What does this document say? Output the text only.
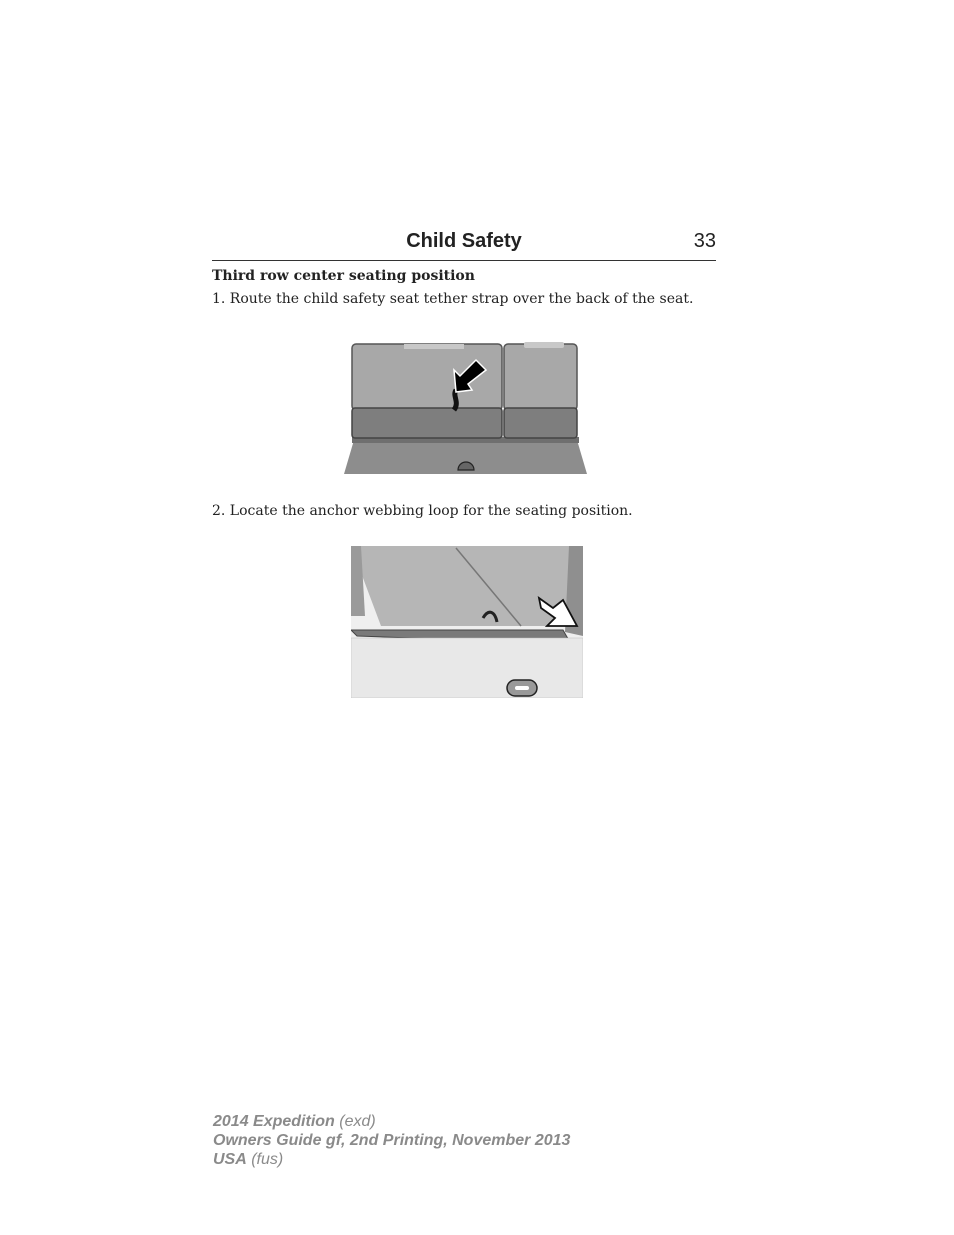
Child Safety	33
Third row center seating position
1. Route the child safety seat tether strap over the back of the seat.
2. Locate the anchor webbing loop for the seating position.
2014 Expedition (exd)
Owners Guide gf, 2nd Printing, November 2013
USA (fus)
